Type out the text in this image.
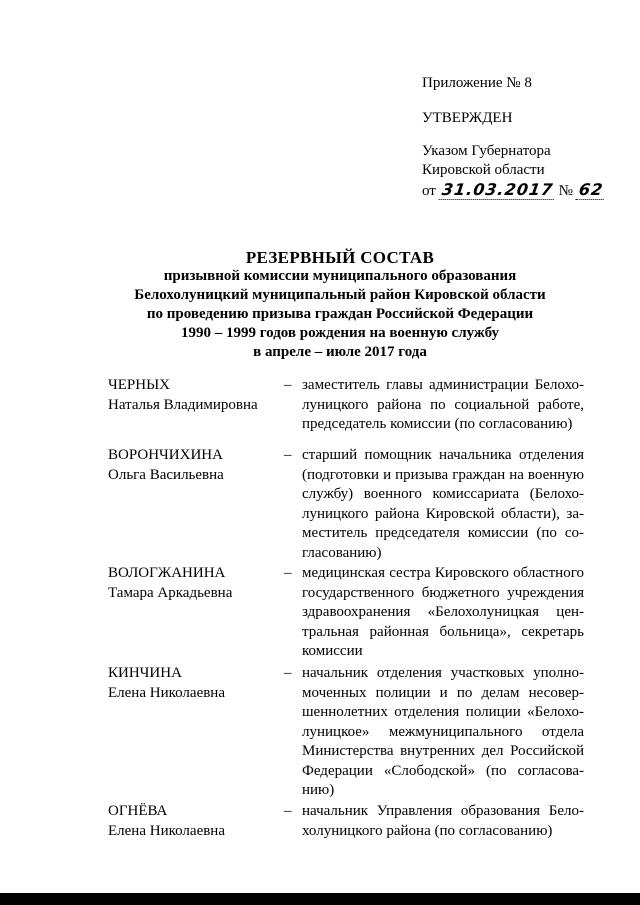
Приложение № 8
УТВЕРЖДЕН
Указом Губернатора
Кировской области
от 31.03.2017 № 62
РЕЗЕРВНЫЙ СОСТАВ
призывной комиссии муниципального образования
Белохолуницкий муниципальный район Кировской области
по проведению призыва граждан Российской Федерации
1990 – 1999 годов рождения на военную службу
в апреле – июле 2017 года
ЧЕРНЫХ
Наталья Владимировна
– заместитель главы администрации Белохо-
луницкого района по социальной работе,
председатель комиссии (по согласованию)
ВОРОНЧИХИНА
Ольга Васильевна
– старший помощник начальника отделения
(подготовки и призыва граждан на военную
службу) военного комиссариата (Белохо-
луницкого района Кировской области), за-
меститель председателя комиссии (по со-
гласованию)
ВОЛОГЖАНИНА
Тамара Аркадьевна
– медицинская сестра Кировского областного
государственного бюджетного учреждения
здравоохранения «Белохолуницкая цен-
тральная районная больница», секретарь
комиссии
КИНЧИНА
Елена Николаевна
– начальник отделения участковых уполно-
моченных полиции и по делам несовер-
шеннолетних отделения полиции «Белохо-
луницкое» межмуниципального отдела
Министерства внутренних дел Российской
Федерации «Слободской» (по согласова-
нию)
ОГНЁВА
Елена Николаевна
– начальник Управления образования Бело-
холуницкого района (по согласованию)
